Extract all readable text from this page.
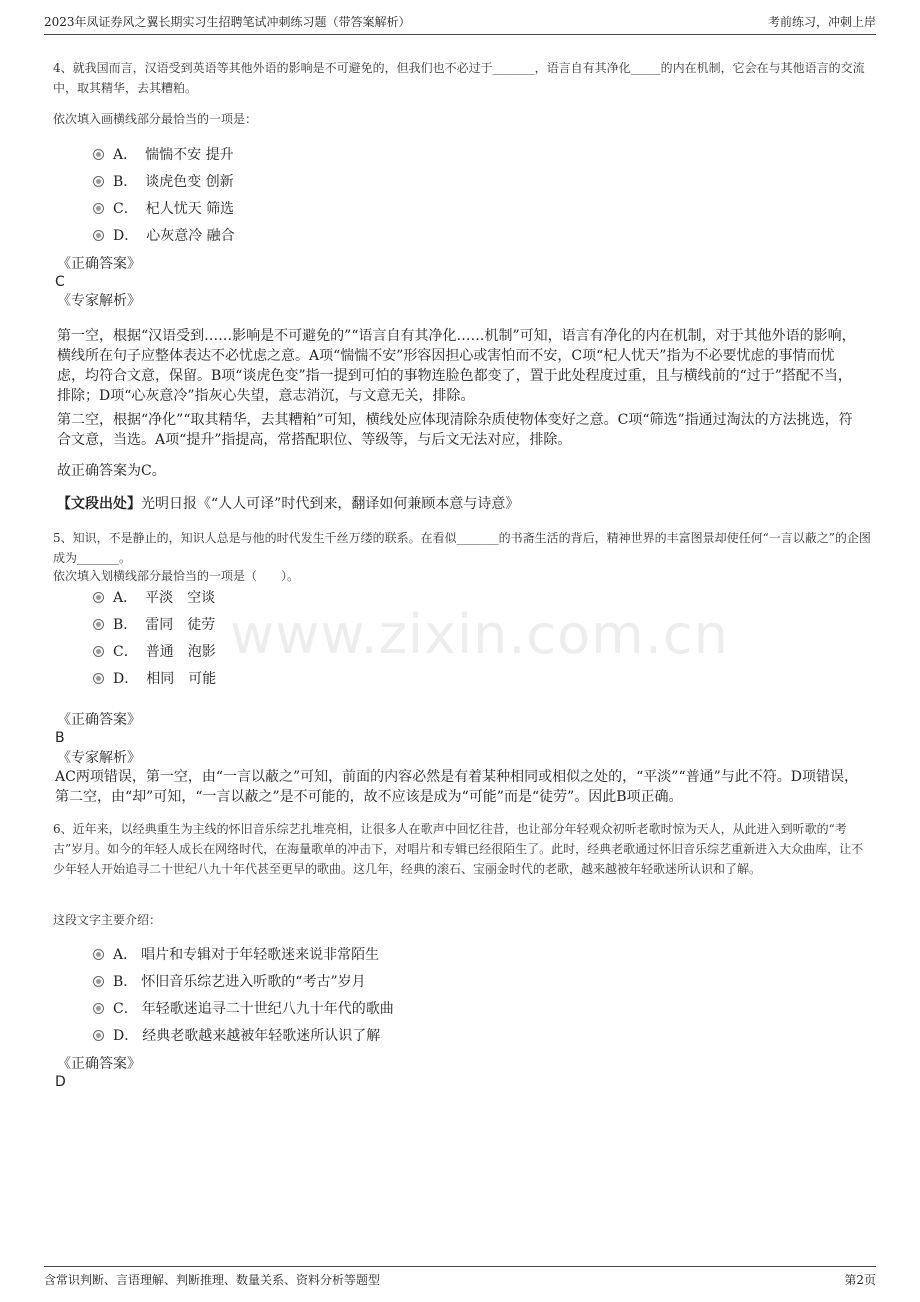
2023年凤证券风之翼长期实习生招聘笔试冲刺练习题（带答案解析）	考前练习，冲刺上岸
www.zixin.com.cn
4、就我国而言，汉语受到英语等其他外语的影响是不可避免的，但我们也不必过于_______，语言自有其净化_____的内在机制，它会在与其他语言的交流中，取其精华，去其糟粕。
依次填入画横线部分最恰当的一项是：
A． 惴惴不安 提升
B． 谈虎色变 创新
C． 杞人忧天 筛选
D． 心灰意冷 融合
《正确答案》
C
《专家解析》
第一空，根据“汉语受到……影响是不可避免的”“语言自有其净化……机制”可知，语言有净化的内在机制，对于其他外语的影响，横线所在句子应整体表达不必忧虑之意。A项“惴惴不安”形容因担心或害怕而不安，C项“杞人忧天”指为不必要忧虑的事情而忧虑，均符合文意，保留。B项“谈虎色变”指一提到可怕的事物连脸色都变了，置于此处程度过重，且与横线前的“过于”搭配不当，排除；D项“心灰意冷”指灰心失望，意志消沉，与文意无关，排除。
第二空，根据“净化”“取其精华，去其糟粕”可知，横线处应体现清除杂质使物体变好之意。C项“筛选”指通过淘汰的方法挑选，符合文意，当选。A项“提升”指提高，常搭配职位、等级等，与后文无法对应，排除。
故正确答案为C。
【文段出处】光明日报《“人人可译”时代到来，翻译如何兼顾本意与诗意》
5、知识，不是静止的，知识人总是与他的时代发生千丝万缕的联系。在看似_______的书斋生活的背后，精神世界的丰富图景却使任何“一言以蔽之”的企图成为_______。
依次填入划横线部分最恰当的一项是（　　）。
A． 平淡　空谈
B． 雷同　徒劳
C． 普通　泡影
D． 相同　可能
《正确答案》
B
《专家解析》
AC两项错误，第一空，由“一言以蔽之”可知，前面的内容必然是有着某种相同或相似之处的，“平淡”“普通”与此不符。D项错误，第二空，由“却”可知，“一言以蔽之”是不可能的，故不应该是成为“可能”而是“徒劳”。因此B项正确。
6、近年来，以经典重生为主线的怀旧音乐综艺扎堆亮相，让很多人在歌声中回忆往昔，也让部分年轻观众初听老歌时惊为天人，从此进入到听歌的“考古”岁月。如今的年轻人成长在网络时代，在海量歌单的冲击下，对唱片和专辑已经很陌生了。此时，经典老歌通过怀旧音乐综艺重新进入大众曲库，让不少年轻人开始追寻二十世纪八九十年代甚至更早的歌曲。这几年，经典的滚石、宝丽金时代的老歌，越来越被年轻歌迷所认识和了解。
这段文字主要介绍：
A． 唱片和专辑对于年轻歌迷来说非常陌生
B． 怀旧音乐综艺进入听歌的“考古”岁月
C． 年轻歌迷追寻二十世纪八九十年代的歌曲
D． 经典老歌越来越被年轻歌迷所认识了解
《正确答案》
D
含常识判断、言语理解、判断推理、数量关系、资料分析等题型	第2页
